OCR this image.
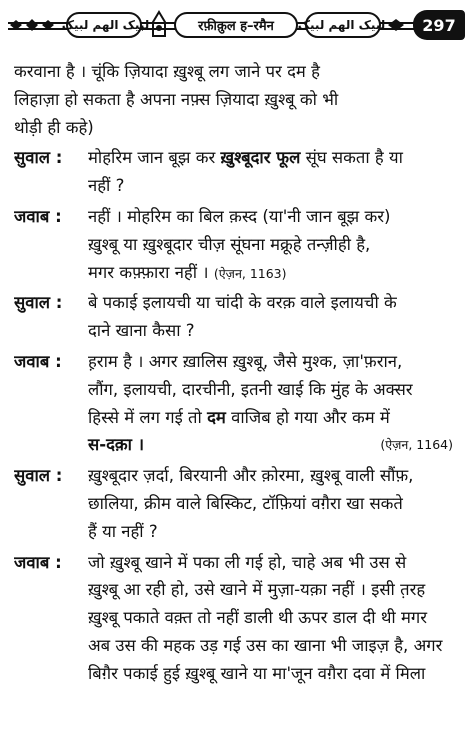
لبیک الھم لبیک	रफ़ीक़ुल ह–रमैन	لبیک الھم لبیک	297
करवाना है । चूंकि ज़ियादा ख़ुश्बू लग जाने पर दम है
लिहाज़ा हो सकता है अपना नफ़्स ज़ियादा ख़ुश्बू को भी
थोड़ी ही कहे)
सुवाल : मोहरिम जान बूझ कर ख़ुश्बूदार फूल सूंघ सकता है या
नहीं ?
जवाब : नहीं । मोहरिम का बिल क़स्द (या'नी जान बूझ कर)
ख़ुश्बू या ख़ुश्बूदार चीज़ सूंघना मक्रूहे तन्ज़ीही है,
मगर कफ़्फ़ारा नहीं । (ऐज़न, 1163)
सुवाल : बे पकाई इलायची या चांदी के वरक़ वाले इलायची के
दाने खाना कैसा ?
जवाब : ह़राम है । अगर ख़ालिस ख़ुश्बू, जैसे मुश्क, ज़ा'फ़रान,
लौंग, इलायची, दारचीनी, इतनी खाई कि मुंह के अक्सर
हिस्से में लग गई तो दम वाजिब हो गया और कम में
स-दक़ा ।	(ऐज़न, 1164)
सुवाल : ख़ुश्बूदार ज़र्दा, बिरयानी और क़ोरमा, ख़ुश्बू वाली सौंफ़,
छालिया, क्रीम वाले बिस्किट, टॉफ़ियां वग़ैरा खा सकते
हैं या नहीं ?
जवाब : जो ख़ुश्बू खाने में पका ली गई हो, चाहे अब भी उस से
ख़ुश्बू आ रही हो, उसे खाने में मुज़ा-यक़ा नहीं । इसी त़रह
ख़ुश्बू पकाते वक़्त तो नहीं डाली थी ऊपर डाल दी थी मगर
अब उस की महक उड़ गई उस का खाना भी जाइज़ है, अगर
बिग़ैर पकाई हुई ख़ुश्बू खाने या मा'जून वग़ैरा दवा में मिला
